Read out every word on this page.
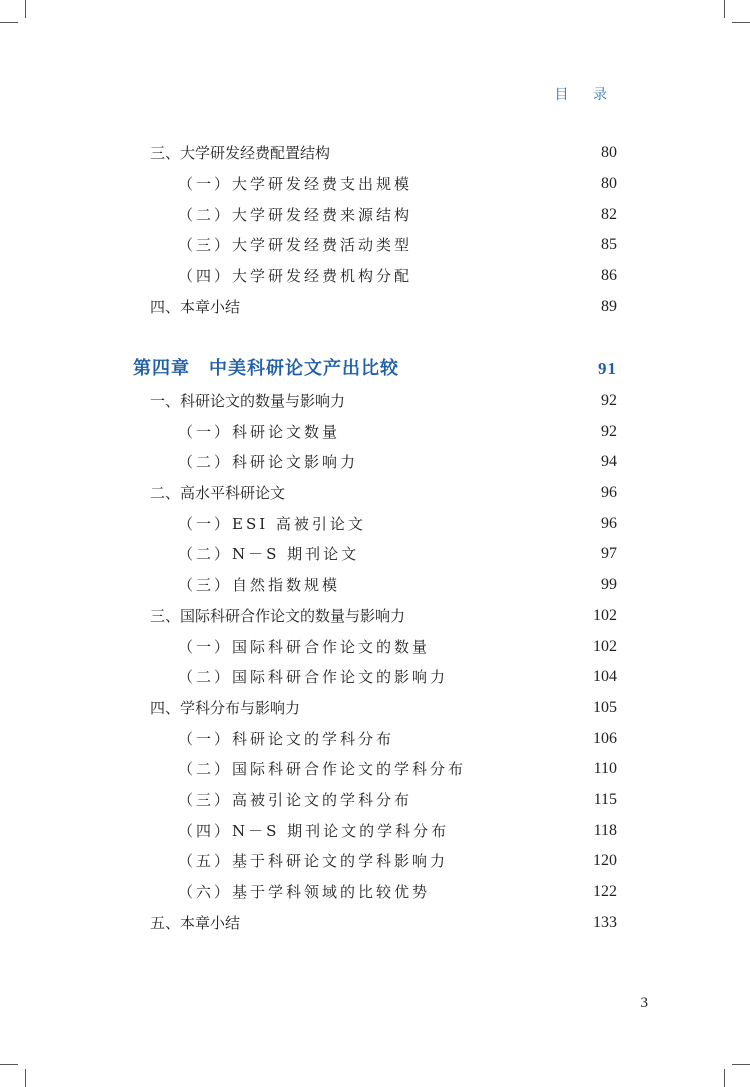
目 录
三、大学研发经费配置结构	80
（一）大学研发经费支出规模	80
（二）大学研发经费来源结构	82
（三）大学研发经费活动类型	85
（四）大学研发经费机构分配	86
四、本章小结	89
第四章　中美科研论文产出比较	91
一、科研论文的数量与影响力	92
（一）科研论文数量	92
（二）科研论文影响力	94
二、高水平科研论文	96
（一）ESI 高被引论文	96
（二）N－S 期刊论文	97
（三）自然指数规模	99
三、国际科研合作论文的数量与影响力	102
（一）国际科研合作论文的数量	102
（二）国际科研合作论文的影响力	104
四、学科分布与影响力	105
（一）科研论文的学科分布	106
（二）国际科研合作论文的学科分布	110
（三）高被引论文的学科分布	115
（四）N－S 期刊论文的学科分布	118
（五）基于科研论文的学科影响力	120
（六）基于学科领域的比较优势	122
五、本章小结	133
3
